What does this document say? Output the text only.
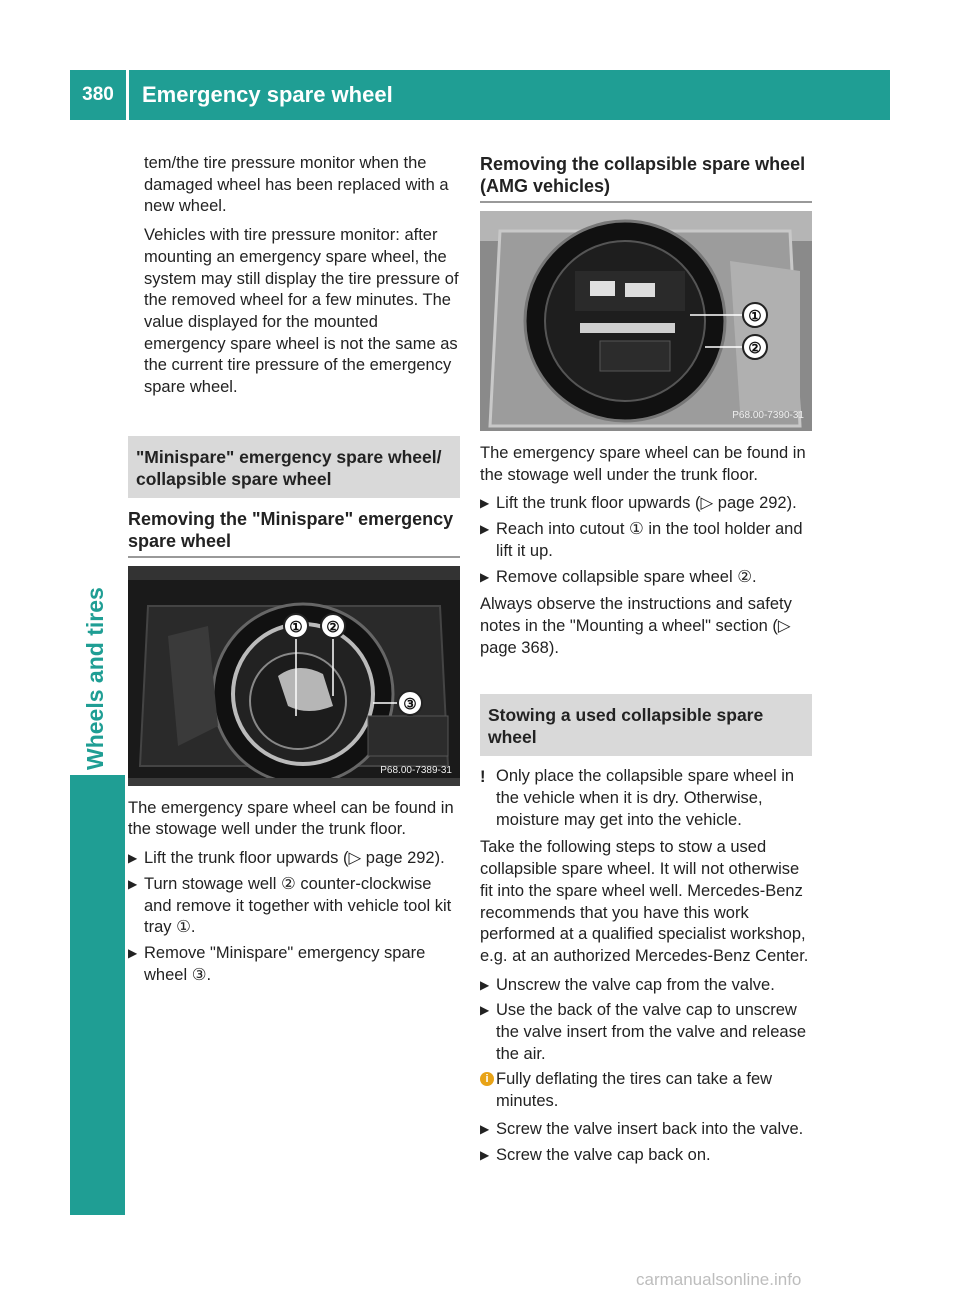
380	Emergency spare wheel
Wheels and tires

tem/the tire pressure monitor when the damaged wheel has been replaced with a new wheel.

Vehicles with tire pressure monitor: after mounting an emergency spare wheel, the system may still display the tire pressure of the removed wheel for a few minutes. The value displayed for the mounted emergency spare wheel is not the same as the current tire pressure of the emergency spare wheel.

"Minispare" emergency spare wheel/ collapsible spare wheel
Removing the "Minispare" emergency spare wheel
① ②
③
P68.00-7389-31

The emergency spare wheel can be found in the stowage well under the trunk floor.

▶ Lift the trunk floor upwards (▷ page 292).
▶ Turn stowage well ② counter-clockwise and remove it together with vehicle tool kit tray ①.
▶ Remove "Minispare" emergency spare wheel ③.
Removing the collapsible spare wheel (AMG vehicles)
①
②
P68.00-7390-31

The emergency spare wheel can be found in the stowage well under the trunk floor.

▶ Lift the trunk floor upwards (▷ page 292).
▶ Reach into cutout ① in the tool holder and lift it up.
▶ Remove collapsible spare wheel ②.

Always observe the instructions and safety notes in the "Mounting a wheel" section (▷ page 368).

Stowing a used collapsible spare wheel
! Only place the collapsible spare wheel in the vehicle when it is dry. Otherwise, moisture may get into the vehicle.

Take the following steps to stow a used collapsible spare wheel. It will not otherwise fit into the spare wheel well. Mercedes-Benz recommends that you have this work performed at a qualified specialist workshop, e.g. at an authorized Mercedes-Benz Center.

▶ Unscrew the valve cap from the valve.
▶ Use the back of the valve cap to unscrew the valve insert from the valve and release the air.
i Fully deflating the tires can take a few minutes.
▶ Screw the valve insert back into the valve.
▶ Screw the valve cap back on.
carmanualsonline.info
